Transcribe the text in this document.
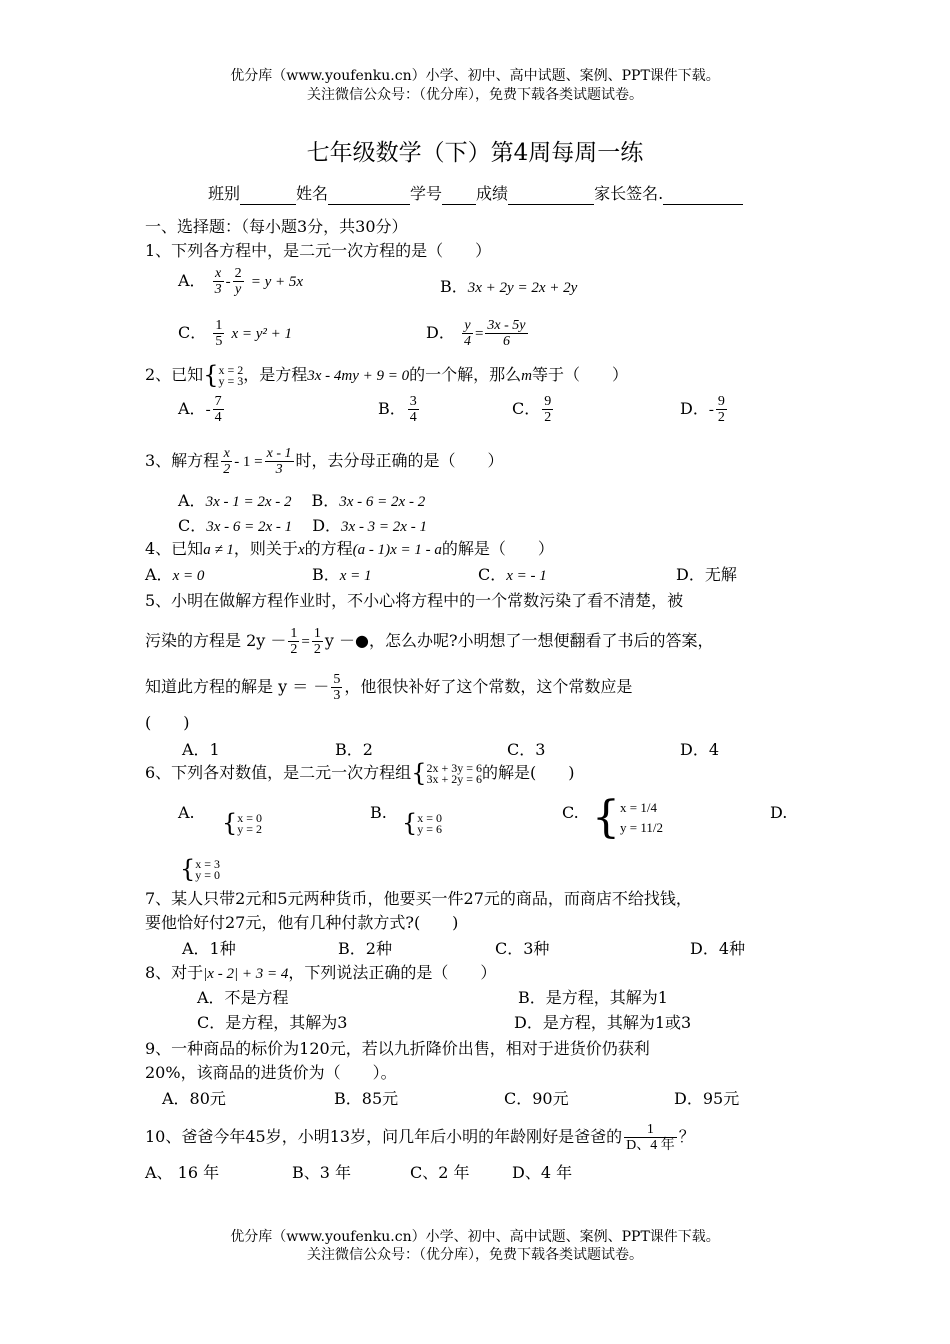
优分库（www.youfenku.cn）小学、初中、高中试题、案例、PPT课件下载。
关注微信公众号：（优分库），免费下载各类试题试卷。
七年级数学（下）第4周每周一练
班别	姓名	学号 成绩	家长签名.
一、选择题：（每小题3分，共30分）
1、下列各方程中，是二元一次方程的是（　　）
A． $\frac{x}{3} - \frac{2}{y} = y + 5x$	B．3x + 2y = 2x + 2y
C． $\frac{1}{5}$ x = y² + 1	D． $\frac{y}{4} = \frac{3x - 5y}{6}$
2、已知{ x = 2
y = 3 ，是方程3x - 4my + 9 = 0的一个解，那么m等于（　　）
A．- $\frac{7}{4}$	B． $\frac{3}{4}$	C． $\frac{9}{2}$	D．- $\frac{9}{2}$
3、解方程 $\frac{x}{2} - 1 = \frac{x - 1}{3}$ 时，去分母正确的是（　　）
A．3x - 1 = 2x - 2 B．3x - 6 = 2x - 2
C．3x - 6 = 2x - 1 D．3x - 3 = 2x - 1
4、已知a ≠ 1，则关于x的方程(a - 1)x = 1 - a的解是（　　）
A．x = 0	B．x = 1	C．x = - 1	D．无解
5、小明在做解方程作业时，不小心将方程中的一个常数污染了看不清楚，被
污染的方程是 $2y - \frac{1}{2} = \frac{1}{2}$ y －●，怎么办呢?小明想了一想便翻看了书后的答案，
知道此方程的解是 y ＝ － $\frac{5}{3}$ ，他很快补好了这个常数，这个常数应是
(　　)
A．1	B．2	C．3	D．4
6、下列各对数值，是二元一次方程组{ 2x + 3y = 6
3x + 2y = 6 的解是(　　)
A. { x = 0
y = 2
B. { x = 0
y = 6
C. { x = 1/4
y = 11/2
D.
{ x = 3
y = 0
7、某人只带2元和5元两种货币，他要买一件27元的商品，而商店不给找钱，
要他恰好付27元，他有几种付款方式?(　　)
A．1种	B．2种	C．3种	D．4种
8、对于|x - 2| + 3 = 4，下列说法正确的是（　　）
A．不是方程	B．是方程，其解为1
C．是方程，其解为3	D．是方程，其解为1或3
9、一种商品的标价为120元，若以九折降价出售，相对于进货价仍获利
20%，该商品的进货价为（　　）。
A．80元	B．85元	C．90元	D．95元
10、爸爸今年45岁，小明13岁，问几年后小明的年龄刚好是爸爸的 $\frac{1}{\text{D、4 年}}$ ？
A、 16 年	B、3 年	C、2 年	D、4 年
优分库（www.youfenku.cn）小学、初中、高中试题、案例、PPT课件下载。
关注微信公众号：（优分库），免费下载各类试题试卷。
